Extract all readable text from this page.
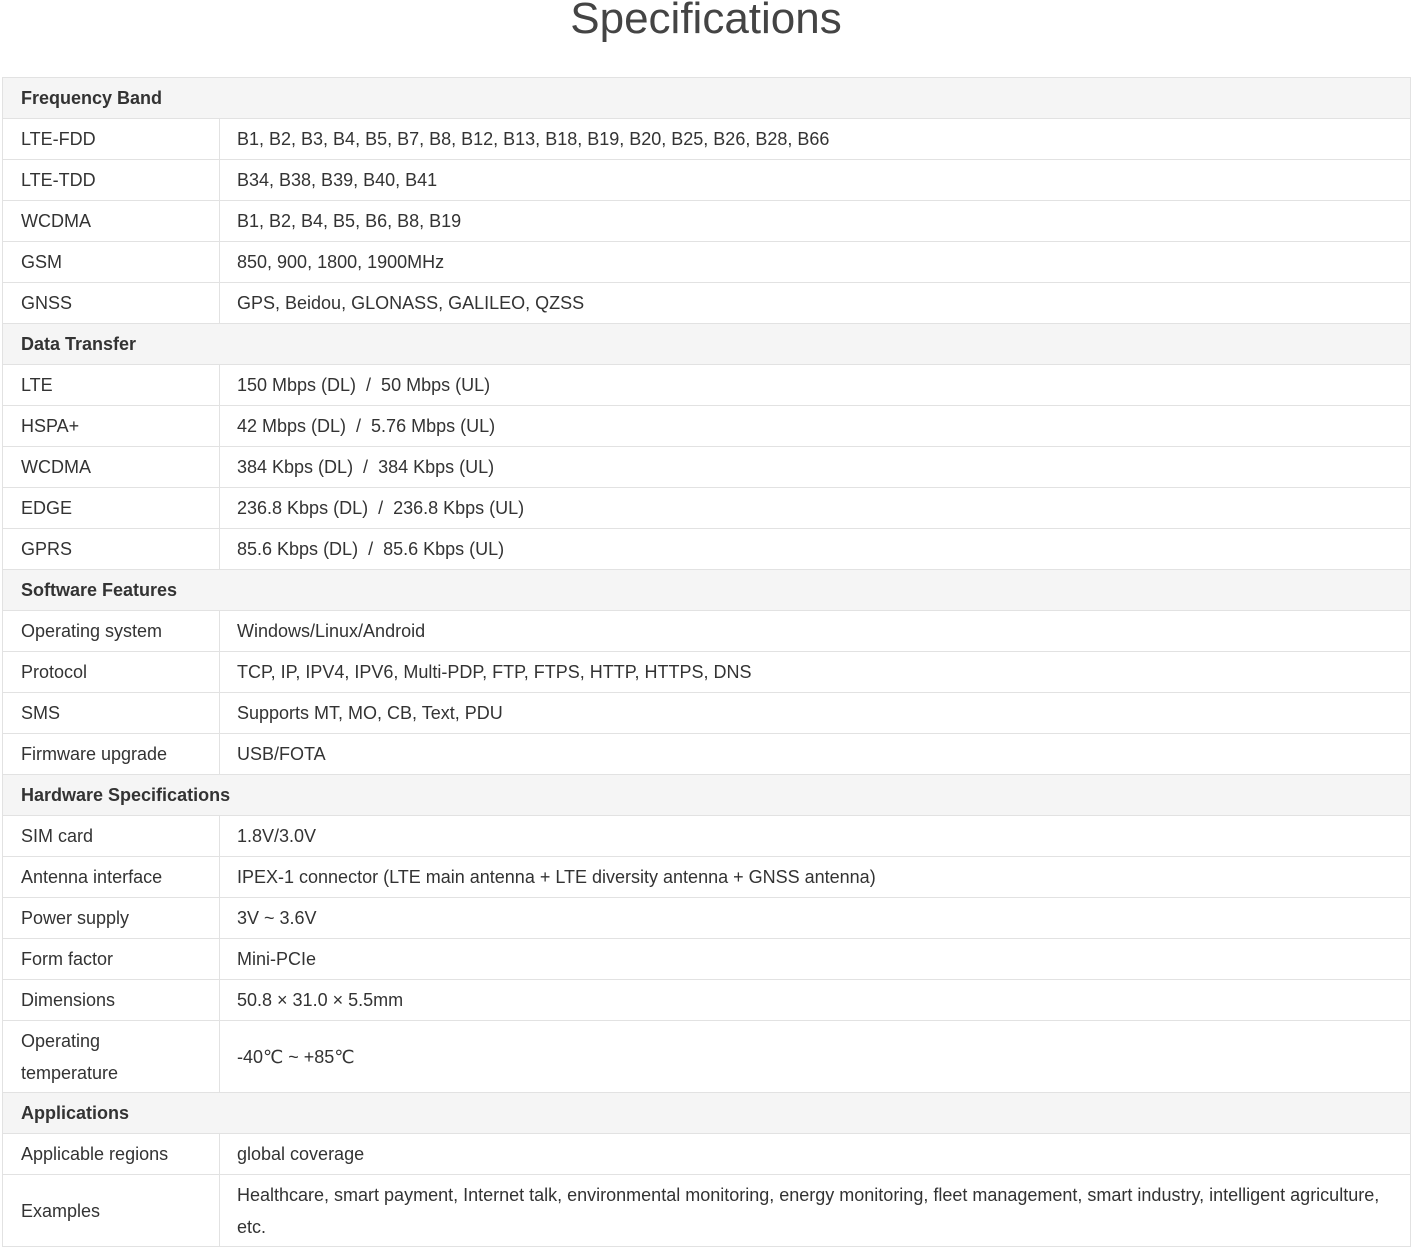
Specifications
Frequency Band	
LTE-FDD	B1, B2, B3, B4, B5, B7, B8, B12, B13, B18, B19, B20, B25, B26, B28, B66
LTE-TDD	B34, B38, B39, B40, B41
WCDMA	B1, B2, B4, B5, B6, B8, B19
GSM	850, 900, 1800, 1900MHz
GNSS	GPS, Beidou, GLONASS, GALILEO, QZSS
Data Transfer	
LTE	150 Mbps (DL)  /  50 Mbps (UL)
HSPA+	42 Mbps (DL)  /  5.76 Mbps (UL)
WCDMA	384 Kbps (DL)  /  384 Kbps (UL)
EDGE	236.8 Kbps (DL)  /  236.8 Kbps (UL)
GPRS	85.6 Kbps (DL)  /  85.6 Kbps (UL)
Software Features	
Operating system	Windows/Linux/Android
Protocol	TCP, IP, IPV4, IPV6, Multi-PDP, FTP, FTPS, HTTP, HTTPS, DNS
SMS	Supports MT, MO, CB, Text, PDU
Firmware upgrade	USB/FOTA
Hardware Specifications	
SIM card	1.8V/3.0V
Antenna interface	IPEX-1 connector (LTE main antenna + LTE diversity antenna + GNSS antenna)
Power supply	3V ~ 3.6V
Form factor	Mini-PCIe
Dimensions	50.8 × 31.0 × 5.5mm
Operating temperature	-40℃ ~ +85℃
Applications	
Applicable regions	global coverage
Examples	Healthcare, smart payment, Internet talk, environmental monitoring, energy monitoring, fleet management, smart industry, intelligent agriculture, etc.
